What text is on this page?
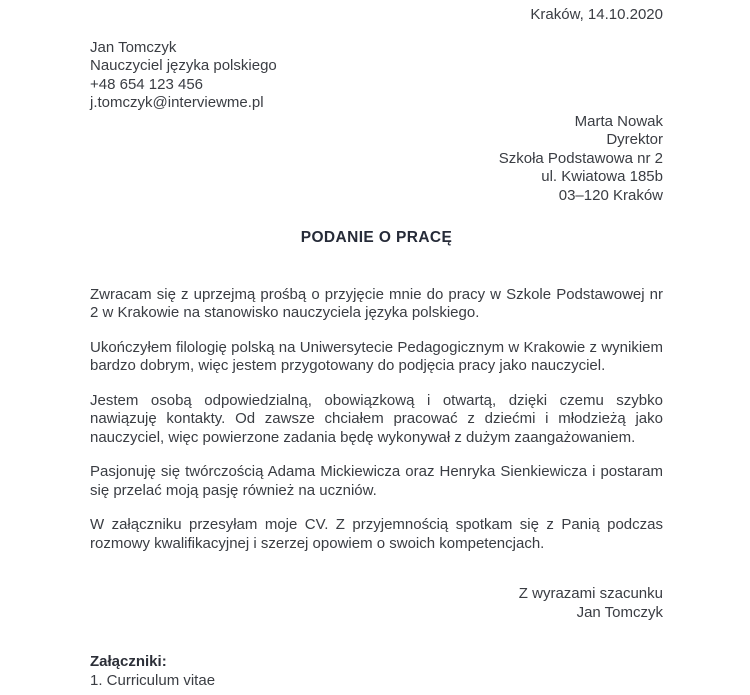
Kraków, 14.10.2020
Jan Tomczyk
Nauczyciel języka polskiego
+48 654 123 456
j.tomczyk@interviewme.pl
Marta Nowak
Dyrektor
Szkoła Podstawowa nr 2
ul. Kwiatowa 185b
03–120 Kraków
PODANIE O PRACĘ

Zwracam się z uprzejmą prośbą o przyjęcie mnie do pracy w Szkole Podstawowej nr 2 w Krakowie na stanowisko nauczyciela języka polskiego.

Ukończyłem filologię polską na Uniwersytecie Pedagogicznym w Krakowie z wynikiem bardzo dobrym, więc jestem przygotowany do podjęcia pracy jako nauczyciel.

Jestem osobą odpowiedzialną, obowiązkową i otwartą, dzięki czemu szybko nawiązuję kontakty. Od zawsze chciałem pracować z dziećmi i młodzieżą jako nauczyciel, więc powierzone zadania będę wykonywał z dużym zaangażowaniem.

Pasjonuję się twórczością Adama Mickiewicza oraz Henryka Sienkiewicza i postaram się przelać moją pasję również na uczniów.

W załączniku przesyłam moje CV. Z przyjemnością spotkam się z Panią podczas rozmowy kwalifikacyjnej i szerzej opowiem o swoich kompetencjach.

Z wyrazami szacunku
Jan Tomczyk
Załączniki:
1. Curriculum vitae
